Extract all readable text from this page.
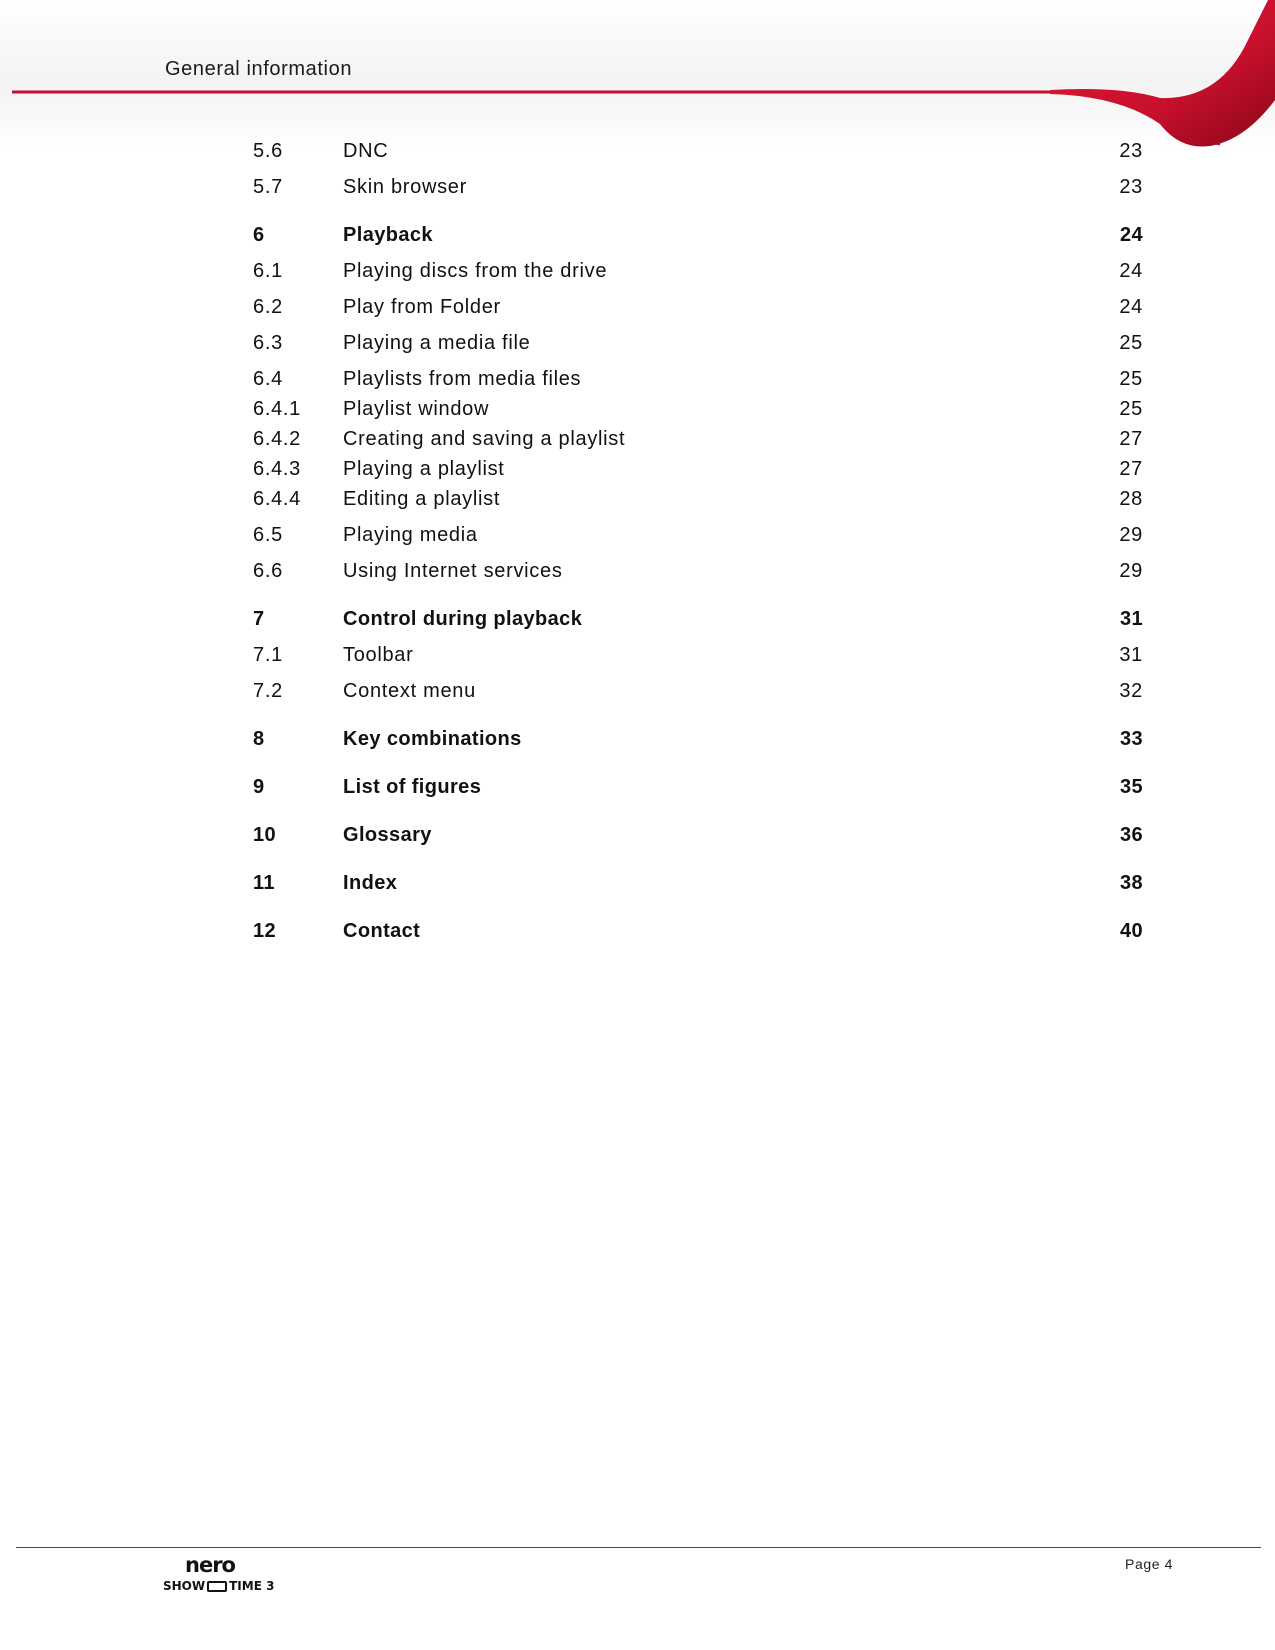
General information
5.6	DNC	23
5.7	Skin browser	23
6	Playback	24
6.1	Playing discs from the drive	24
6.2	Play from Folder	24
6.3	Playing a media file	25
6.4	Playlists from media files	25
6.4.1 Playlist window	25
6.4.2 Creating and saving a playlist	27
6.4.3 Playing a playlist	27
6.4.4 Editing a playlist	28
6.5	Playing media	29
6.6	Using Internet services	29
7	Control during playback	31
7.1	Toolbar	31
7.2	Context menu	32
8	Key combinations	33
9	List of figures	35
10	Glossary	36
11	Index	38
12	Contact	40
nero
SHOW TIME 3
Page 4
